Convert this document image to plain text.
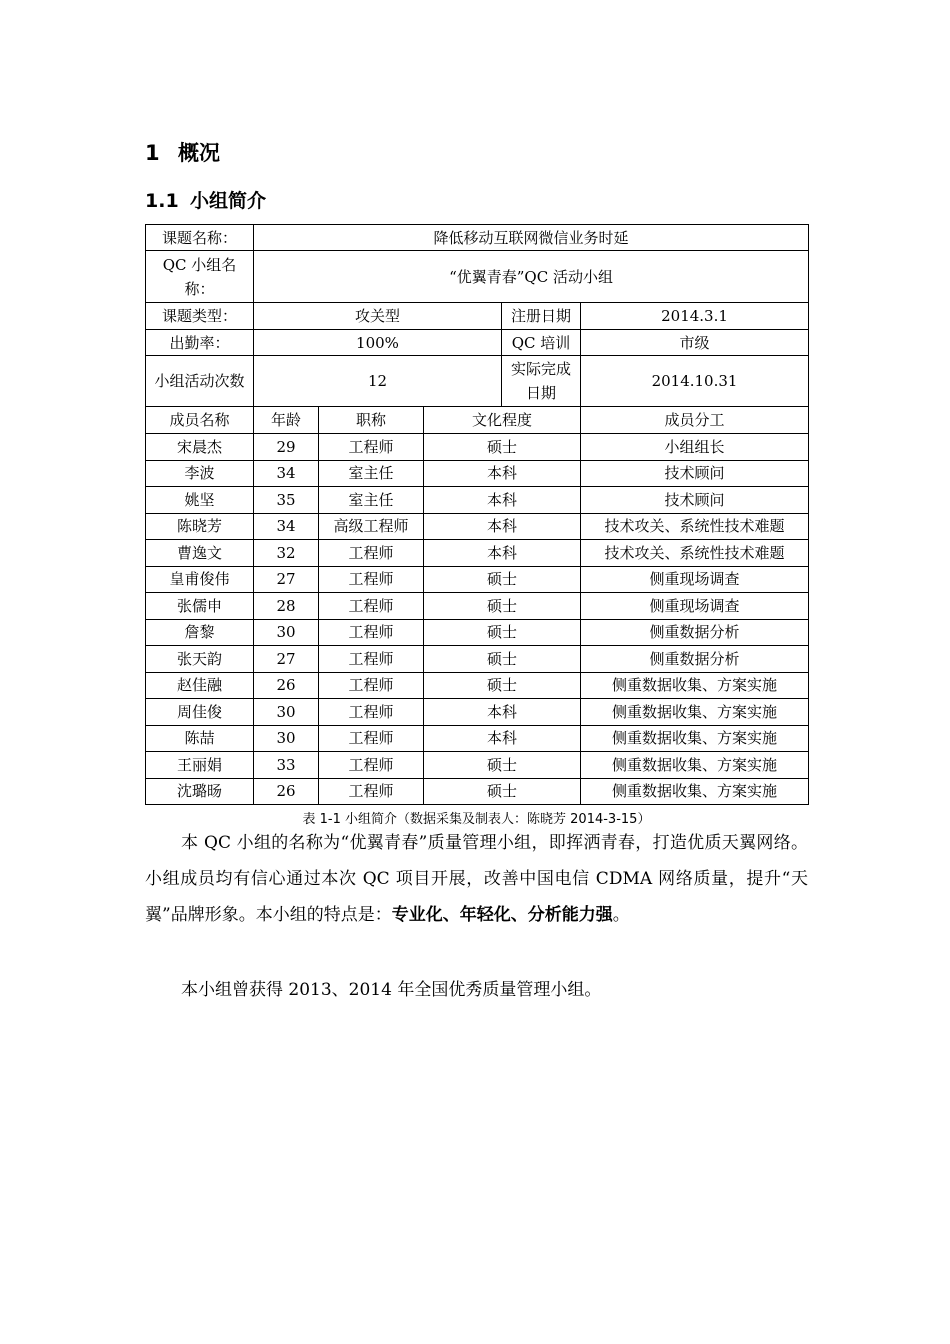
1 概况
1.1 小组简介
课题名称：	降低移动互联网微信业务时延				
QC 小组名称：	“优翼青春”QC 活动小组				
课题类型：	攻关型			注册日期	2014.3.1
出勤率：	100%			QC 培训	市级
小组活动次数	12			实际完成日期	2014.10.31
成员名称	年龄	职称	文化程度		成员分工
宋晨杰	29	工程师	硕士		小组组长
李波	34	室主任	本科		技术顾问
姚坚	35	室主任	本科		技术顾问
陈晓芳	34	高级工程师	本科		技术攻关、系统性技术难题
曹逸文	32	工程师	本科		技术攻关、系统性技术难题
皇甫俊伟	27	工程师	硕士		侧重现场调查
张儒申	28	工程师	硕士		侧重现场调查
詹黎	30	工程师	硕士		侧重数据分析
张天韵	27	工程师	硕士		侧重数据分析
赵佳融	26	工程师	硕士		侧重数据收集、方案实施
周佳俊	30	工程师	本科		侧重数据收集、方案实施
陈喆	30	工程师	本科		侧重数据收集、方案实施
王丽娟	33	工程师	硕士		侧重数据收集、方案实施
沈璐旸	26	工程师	硕士		侧重数据收集、方案实施
表 1-1 小组简介（数据采集及制表人：陈晓芳 2014-3-15）

本 QC 小组的名称为“优翼青春”质量管理小组，即挥洒青春，打造优质天翼网络。小组成员均有信心通过本次 QC 项目开展，改善中国电信 CDMA 网络质量，提升“天翼”品牌形象。本小组的特点是：专业化、年轻化、分析能力强。

本小组曾获得 2013、2014 年全国优秀质量管理小组。
